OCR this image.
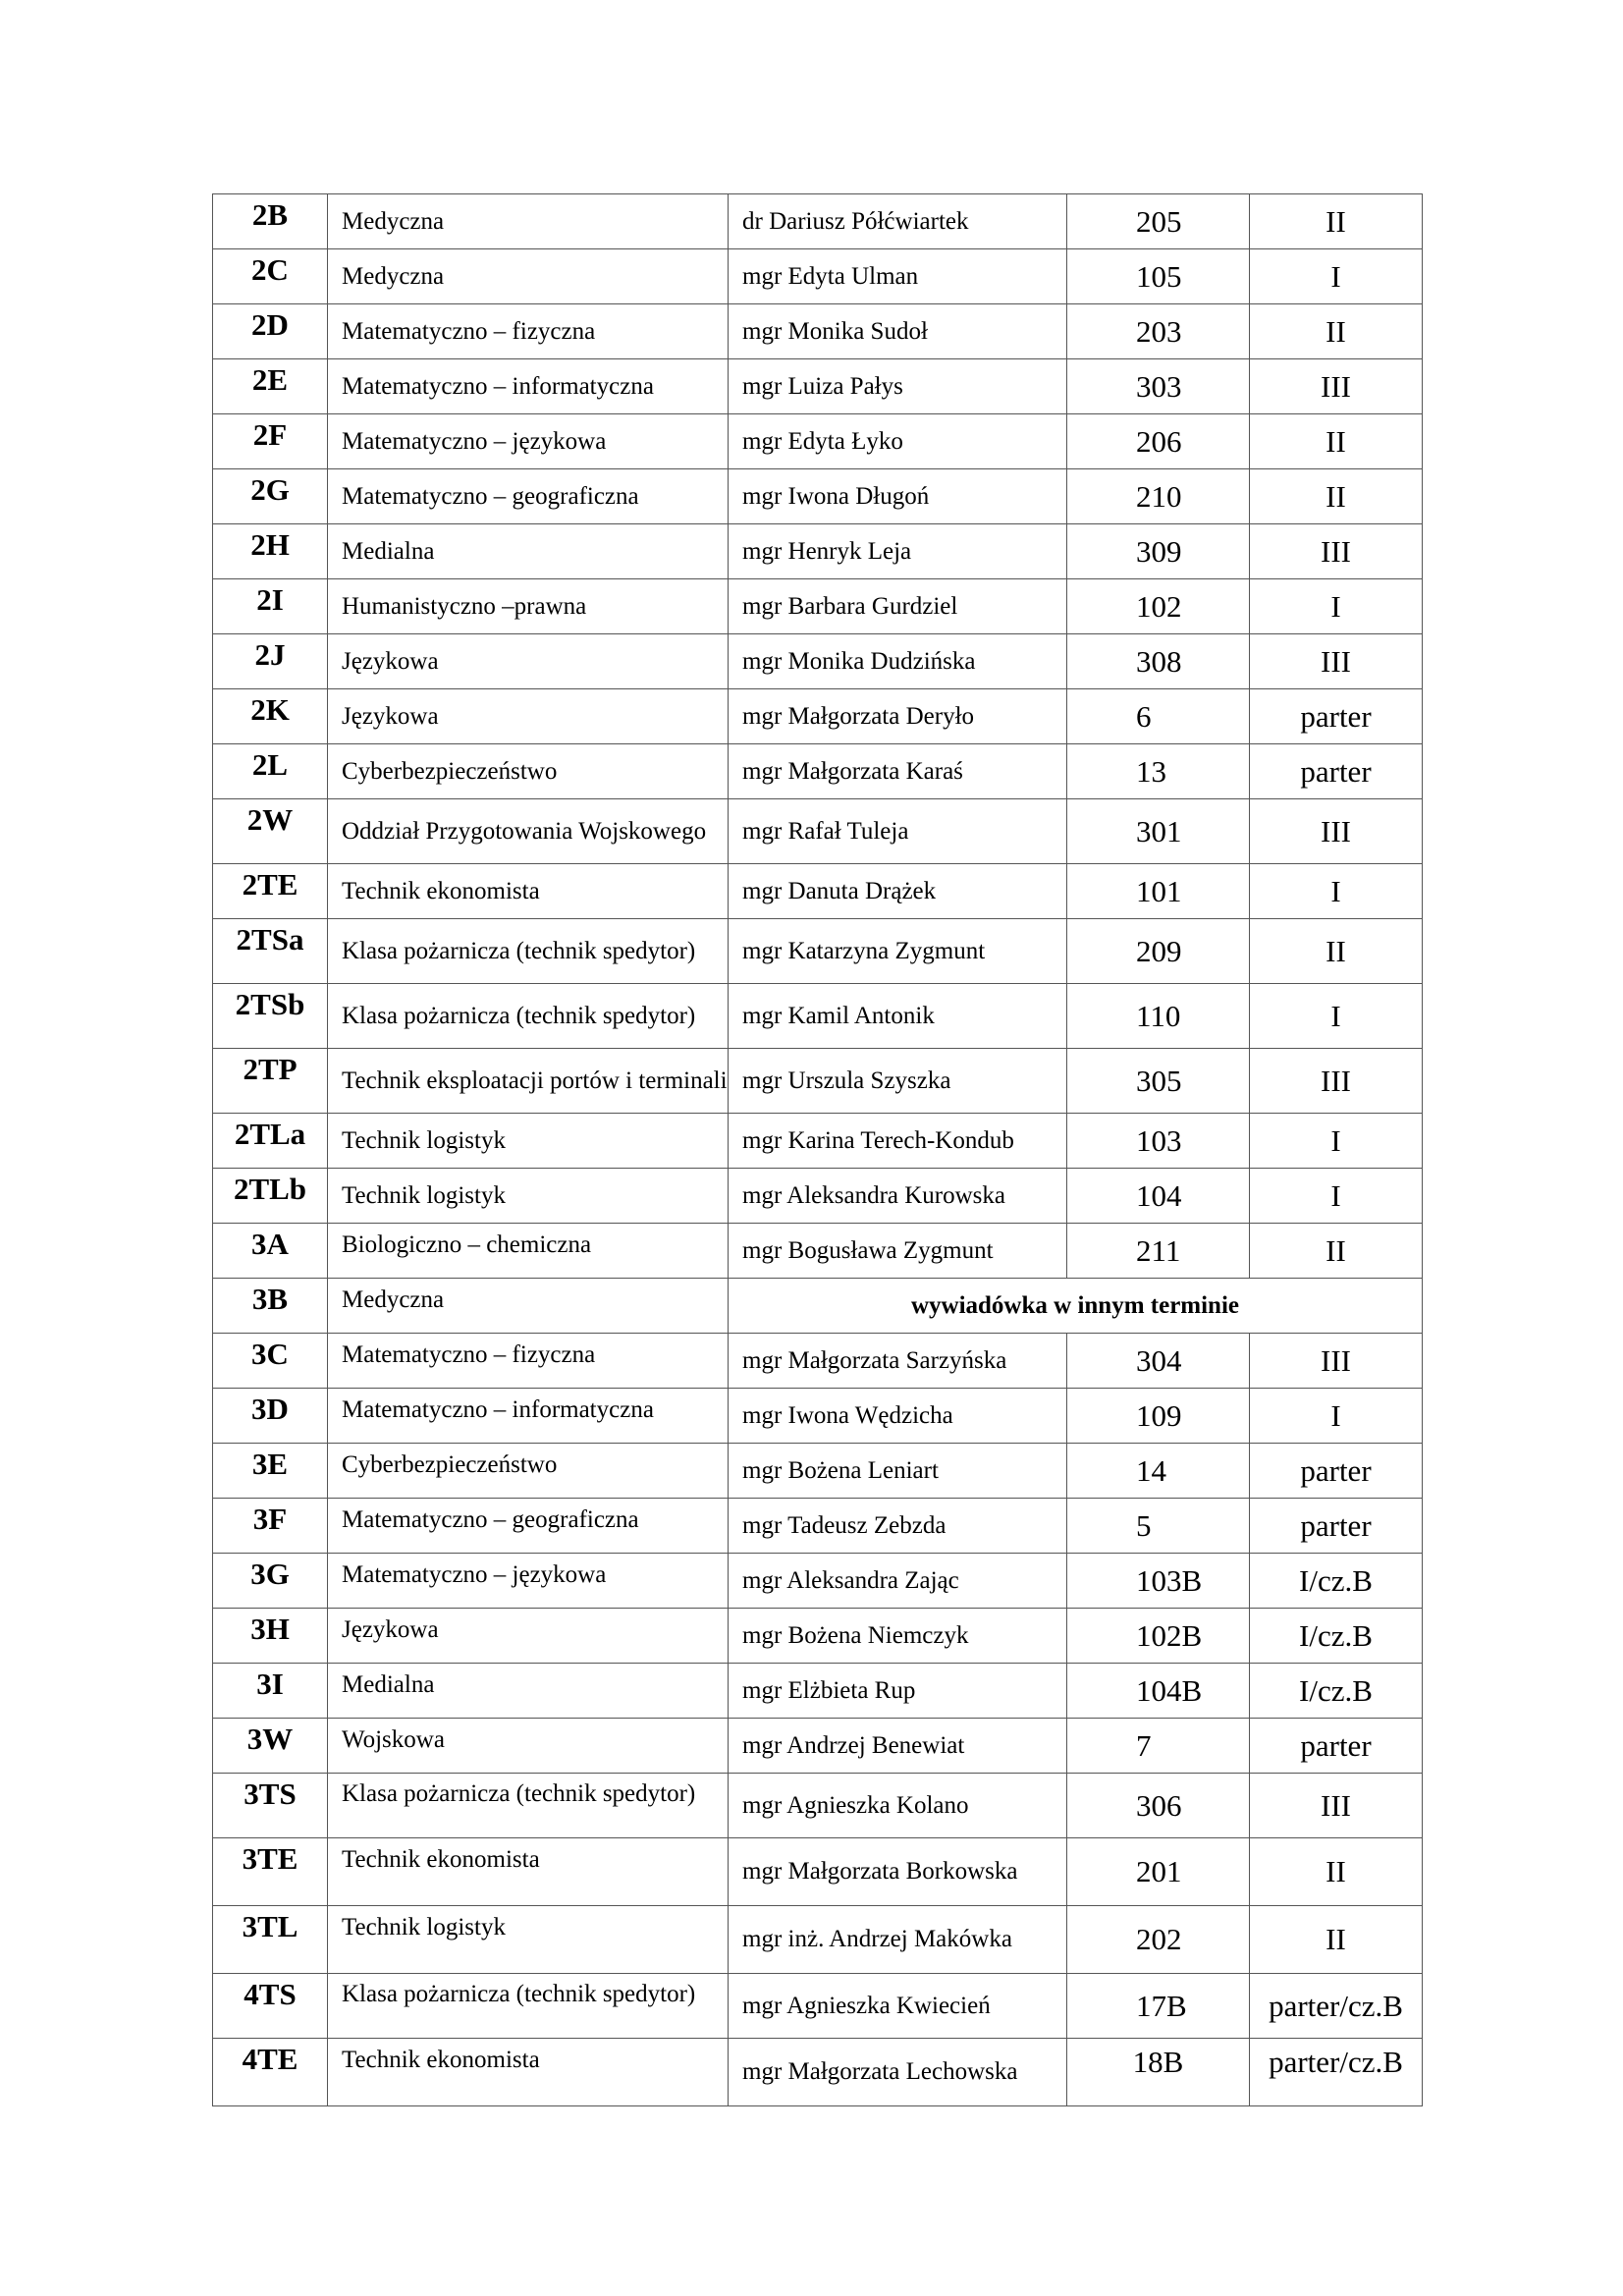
2B	Medyczna	dr Dariusz Półćwiartek	205	II
2C	Medyczna	mgr Edyta Ulman	105	I
2D	Matematyczno – fizyczna	mgr Monika Sudoł	203	II
2E	Matematyczno – informatyczna	mgr Luiza Pałys	303	III
2F	Matematyczno – językowa	mgr Edyta Łyko	206	II
2G	Matematyczno – geograficzna	mgr Iwona Długoń	210	II
2H	Medialna	mgr Henryk Leja	309	III
2I	Humanistyczno –prawna	mgr Barbara Gurdziel	102	I
2J	Językowa	mgr Monika Dudzińska	308	III
2K	Językowa	mgr Małgorzata Deryło	6	parter
2L	Cyberbezpieczeństwo	mgr Małgorzata Karaś	13	parter
2W	Oddział Przygotowania Wojskowego	mgr Rafał Tuleja	301	III
2TE	Technik ekonomista	mgr Danuta Drążek	101	I
2TSa	Klasa pożarnicza (technik spedytor)	mgr Katarzyna Zygmunt	209	II
2TSb	Klasa pożarnicza (technik spedytor)	mgr Kamil Antonik	110	I
2TP	Technik eksploatacji portów i terminali	mgr Urszula Szyszka	305	III
2TLa	Technik logistyk	mgr Karina Terech-Kondub	103	I
2TLb	Technik logistyk	mgr Aleksandra Kurowska	104	I
3A	Biologiczno – chemiczna	mgr Bogusława Zygmunt	211	II
3B	Medyczna	wywiadówka w innym terminie		
3C	Matematyczno – fizyczna	mgr Małgorzata Sarzyńska	304	III
3D	Matematyczno – informatyczna	mgr Iwona Wędzicha	109	I
3E	Cyberbezpieczeństwo	mgr Bożena Leniart	14	parter
3F	Matematyczno – geograficzna	mgr Tadeusz Zebzda	5	parter
3G	Matematyczno – językowa	mgr Aleksandra Zając	103B	I/cz.B
3H	Językowa	mgr Bożena Niemczyk	102B	I/cz.B
3I	Medialna	mgr Elżbieta Rup	104B	I/cz.B
3W	Wojskowa	mgr Andrzej Benewiat	7	parter
3TS	Klasa pożarnicza (technik spedytor)	mgr Agnieszka Kolano	306	III
3TE	Technik ekonomista	mgr Małgorzata Borkowska	201	II
3TL	Technik logistyk	mgr inż. Andrzej Makówka	202	II
4TS	Klasa pożarnicza (technik spedytor)	mgr Agnieszka Kwiecień	17B	parter/cz.B
4TE	Technik ekonomista	mgr Małgorzata Lechowska	18B	parter/cz.B
